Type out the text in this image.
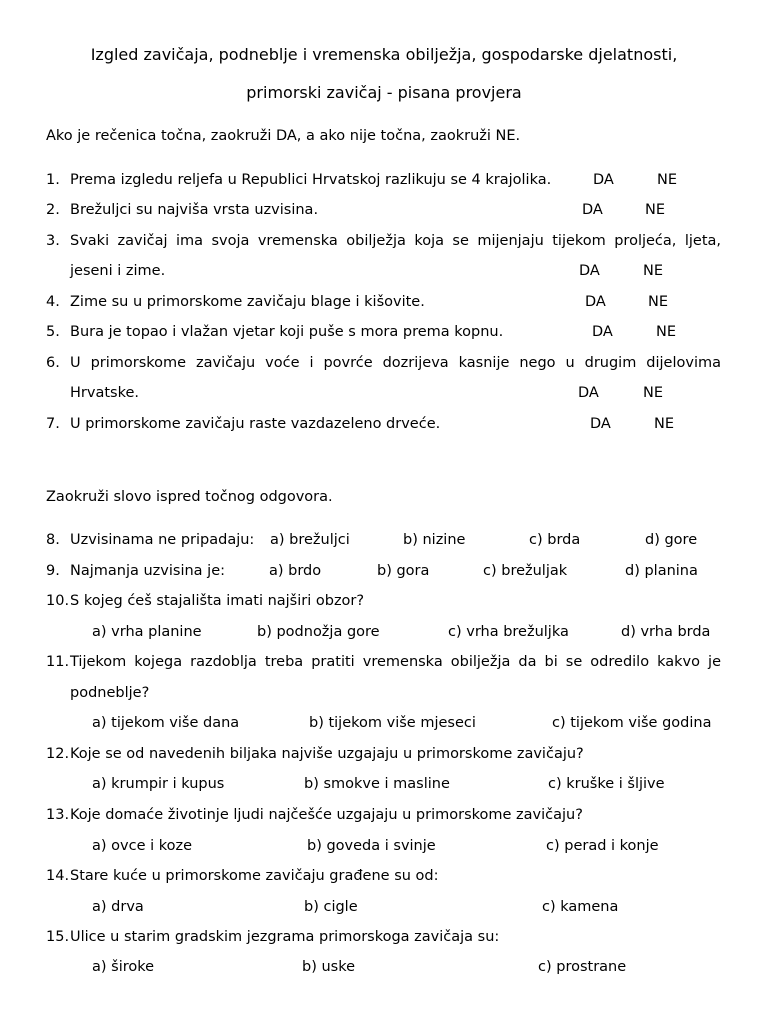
Izgled zavičaja, podneblje i vremenska obilježja, gospodarske djelatnosti,
primorski zavičaj - pisana provjera
Ako je rečenica točna, zaokruži DA, a ako nije točna, zaokruži NE.
1. Prema izgledu reljefa u Republici Hrvatskoj razlikuju se 4 krajolika.	DA	NE
2. Brežuljci su najviša vrsta uzvisina.	DA	NE
3. Svaki zavičaj ima svoja vremenska obilježja koja se mijenjaju tijekom proljeća, ljeta,
jeseni i zime.	DA	NE
4. Zime su u primorskome zavičaju blage i kišovite.	DA	NE
5. Bura je topao i vlažan vjetar koji puše s mora prema kopnu.	DA	NE
6. U primorskome zavičaju voće i povrće dozrijeva kasnije nego u drugim dijelovima
Hrvatske.	DA	NE
7. U primorskome zavičaju raste vazdazeleno drveće.	DA	NE
Zaokruži slovo ispred točnog odgovora.
8. Uzvisinama ne pripadaju: a) brežuljci	b) nizine	c) brda	d) gore
9. Najmanja uzvisina je:	a) brdo	b) gora	c) brežuljak	d) planina
10. S kojeg ćeš stajališta imati najširi obzor?
a) vrha planine	b) podnožja gore	c) vrha brežuljka	d) vrha brda
11. Tijekom kojega razdoblja treba pratiti vremenska obilježja da bi se odredilo kakvo je
podneblje?
a) tijekom više dana	b) tijekom više mjeseci	c) tijekom više godina
12. Koje se od navedenih biljaka najviše uzgajaju u primorskome zavičaju?
a) krumpir i kupus	b) smokve i masline	c) kruške i šljive
13. Koje domaće životinje ljudi najčešće uzgajaju u primorskome zavičaju?
a) ovce i koze	b) goveda i svinje	c) perad i konje
14. Stare kuće u primorskome zavičaju građene su od:
a) drva	b) cigle	c) kamena
15. Ulice u starim gradskim jezgrama primorskoga zavičaja su:
a) široke	b) uske	c) prostrane
